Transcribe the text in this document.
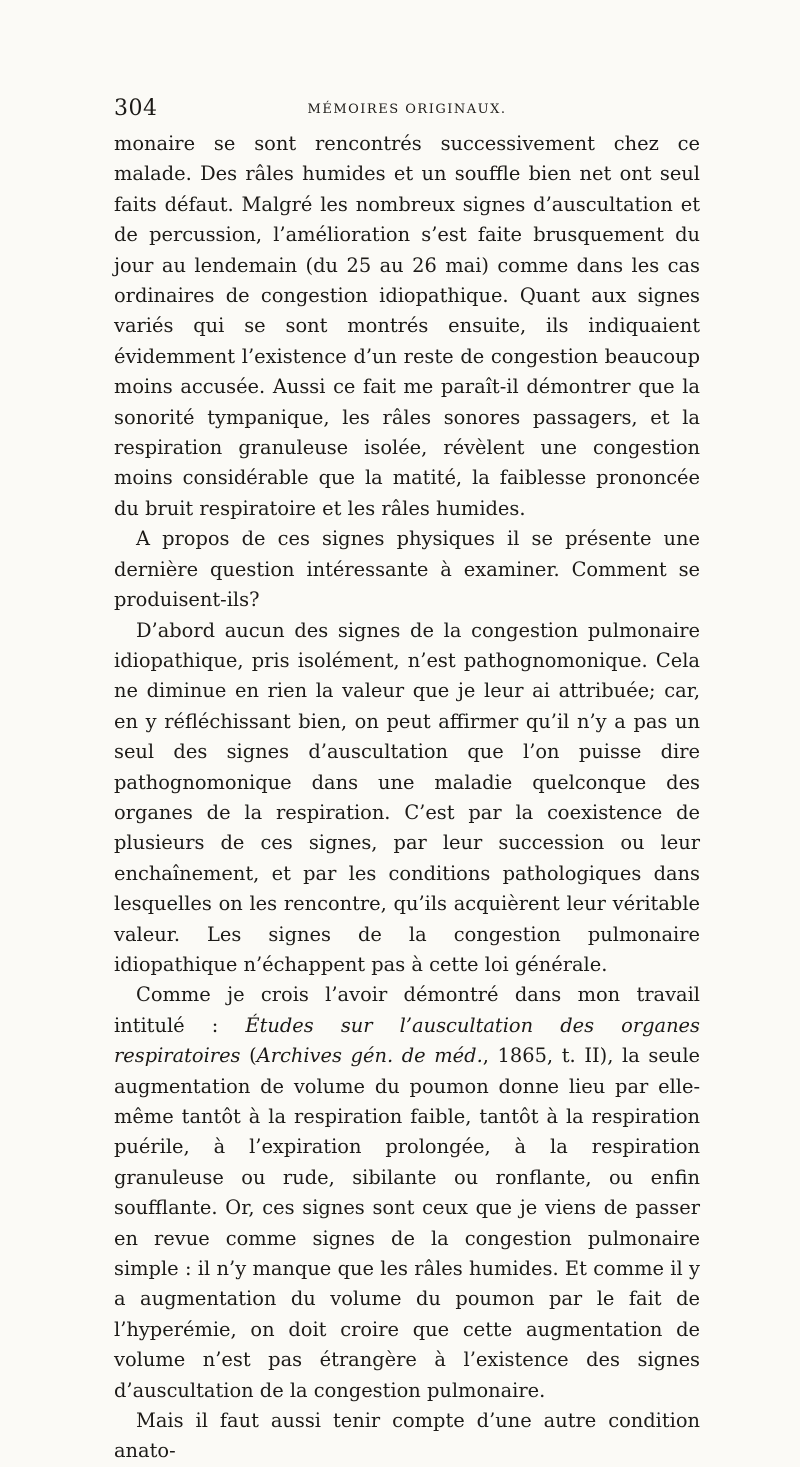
304	MÉMOIRES ORIGINAUX.

monaire se sont rencontrés successivement chez ce malade. Des râles humides et un souffle bien net ont seul faits défaut. Malgré les nombreux signes d’auscultation et de percussion, l’amélioration s’est faite brusquement du jour au lendemain (du 25 au 26 mai) comme dans les cas ordinaires de congestion idiopathique. Quant aux signes variés qui se sont montrés ensuite, ils indiquaient évidemment l’existence d’un reste de congestion beaucoup moins accusée. Aussi ce fait me paraît-il démontrer que la sonorité tympanique, les râles sonores passagers, et la respiration granuleuse isolée, révèlent une congestion moins considérable que la matité, la faiblesse prononcée du bruit respiratoire et les râles humides.

A propos de ces signes physiques il se présente une dernière question intéressante à examiner. Comment se produisent-ils?

D’abord aucun des signes de la congestion pulmonaire idiopathique, pris isolément, n’est pathognomonique. Cela ne diminue en rien la valeur que je leur ai attribuée; car, en y réfléchissant bien, on peut affirmer qu’il n’y a pas un seul des signes d’auscultation que l’on puisse dire pathognomonique dans une maladie quelconque des organes de la respiration. C’est par la coexistence de plusieurs de ces signes, par leur succession ou leur enchaînement, et par les conditions pathologiques dans lesquelles on les rencontre, qu’ils acquièrent leur véritable valeur. Les signes de la congestion pulmonaire idiopathique n’échappent pas à cette loi générale.

Comme je crois l’avoir démontré dans mon travail intitulé : Études sur l’auscultation des organes respiratoires (Archives gén. de méd., 1865, t. II), la seule augmentation de volume du poumon donne lieu par elle-même tantôt à la respiration faible, tantôt à la respiration puérile, à l’expiration prolongée, à la respiration granuleuse ou rude, sibilante ou ronflante, ou enfin soufflante. Or, ces signes sont ceux que je viens de passer en revue comme signes de la congestion pulmonaire simple : il n’y manque que les râles humides. Et comme il y a augmentation du volume du poumon par le fait de l’hyperémie, on doit croire que cette augmentation de volume n’est pas étrangère à l’existence des signes d’auscultation de la congestion pulmonaire.

Mais il faut aussi tenir compte d’une autre condition anato-
